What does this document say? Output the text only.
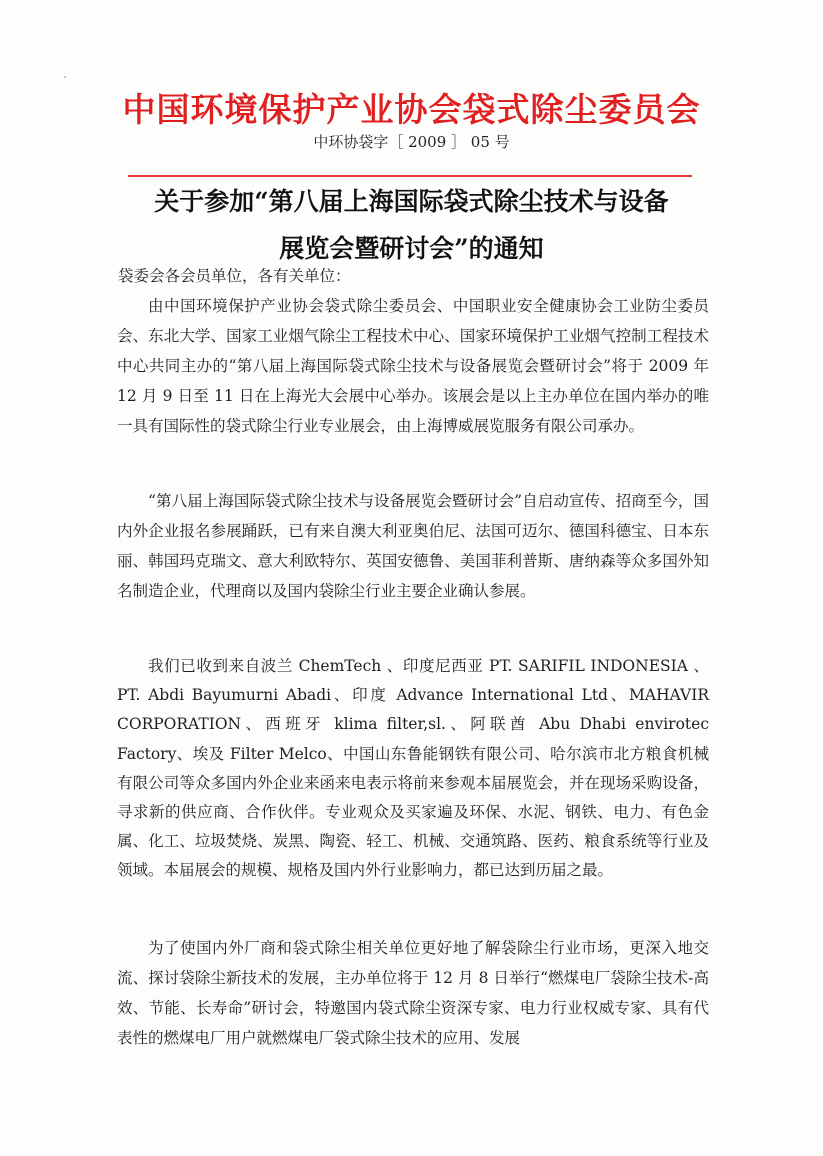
中国环境保护产业协会袋式除尘委员会
中环协袋字［ 2009 ］ 05 号
关于参加“第八届上海国际袋式除尘技术与设备
展览会暨研讨会”的通知
袋委会各会员单位，各有关单位：

由中国环境保护产业协会袋式除尘委员会、中国职业安全健康协会工业防尘委员会、东北大学、国家工业烟气除尘工程技术中心、国家环境保护工业烟气控制工程技术中心共同主办的“第八届上海国际袋式除尘技术与设备展览会暨研讨会”将于 2009 年 12 月 9 日至 11 日在上海光大会展中心举办。该展会是以上主办单位在国内举办的唯一具有国际性的袋式除尘行业专业展会，由上海博威展览服务有限公司承办。

“第八届上海国际袋式除尘技术与设备展览会暨研讨会”自启动宣传、招商至今，国内外企业报名参展踊跃，已有来自澳大利亚奥伯尼、法国可迈尔、德国科德宝、日本东丽、韩国玛克瑞文、意大利欧特尔、英国安德鲁、美国菲利普斯、唐纳森等众多国外知名制造企业，代理商以及国内袋除尘行业主要企业确认参展。

我们已收到来自波兰 ChemTech 、印度尼西亚 PT. SARIFIL INDONESIA 、 PT. Abdi Bayumurni Abadi、印度 Advance International Ltd、MAHAVIR CORPORATION、西班牙 klima filter,sl.、阿联酋 Abu Dhabi envirotec Factory、埃及 Filter Melco、中国山东鲁能钢铁有限公司、哈尔滨市北方粮食机械有限公司等众多国内外企业来函来电表示将前来参观本届展览会，并在现场采购设备，寻求新的供应商、合作伙伴。专业观众及买家遍及环保、水泥、钢铁、电力、有色金属、化工、垃圾焚烧、炭黑、陶瓷、轻工、机械、交通筑路、医药、粮食系统等行业及领域。本届展会的规模、规格及国内外行业影响力，都已达到历届之最。

为了使国内外厂商和袋式除尘相关单位更好地了解袋除尘行业市场，更深入地交流、探讨袋除尘新技术的发展，主办单位将于 12 月 8 日举行“燃煤电厂袋除尘技术-高效、节能、长寿命”研讨会，特邀国内袋式除尘资深专家、电力行业权威专家、具有代表性的燃煤电厂用户就燃煤电厂袋式除尘技术的应用、发展
